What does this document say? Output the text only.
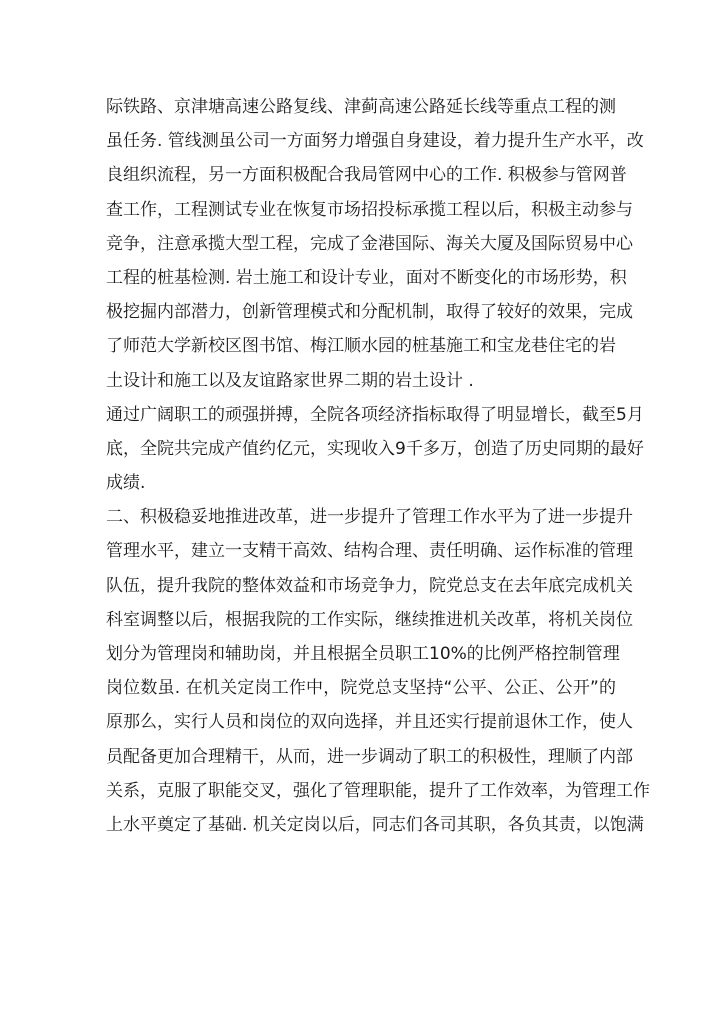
际铁路、京津塘高速公路复线、津蓟高速公路延长线等重点工程的测
虽任务. 管线测虽公司一方面努力增强自身建设，着力提升生产水平，改
良组织流程，另一方面积极配合我局管网中心的工作. 积极参与管网普
查工作，工程测试专业在恢复市场招投标承揽工程以后，积极主动参与
竞争，注意承揽大型工程，完成了金港国际、海关大厦及国际贸易中心
工程的桩基检测. 岩土施工和设计专业，面对不断变化的市场形势，积
极挖掘内部潜力，创新管理模式和分配机制，取得了较好的效果，完成
了师范大学新校区图书馆、梅江顺水园的桩基施工和宝龙巷住宅的岩
土设计和施工以及友谊路家世界二期的岩土设计 .
通过广阔职工的顽强拼搏，全院各项经济指标取得了明显增长，截至5月
底，全院共完成产值约亿元，实现收入9千多万，创造了历史同期的最好
成绩.
二、积极稳妥地推进改革，进一步提升了管理工作水平为了进一步提升
管理水平，建立一支精干高效、结构合理、责任明确、运作标准的管理
队伍，提升我院的整体效益和市场竞争力，院党总支在去年底完成机关
科室调整以后，根据我院的工作实际，继续推进机关改革，将机关岗位
划分为管理岗和辅助岗，并且根据全员职工10%的比例严格控制管理
岗位数虽. 在机关定岗工作中，院党总支坚持“公平、公正、公开”的
原那么，实行人员和岗位的双向选择，并且还实行提前退休工作，使人
员配备更加合理精干，从而，进一步调动了职工的积极性，理顺了内部
关系，克服了职能交叉，强化了管理职能，提升了工作效率，为管理工作
上水平奠定了基础. 机关定岗以后，同志们各司其职，各负其责，以饱满
